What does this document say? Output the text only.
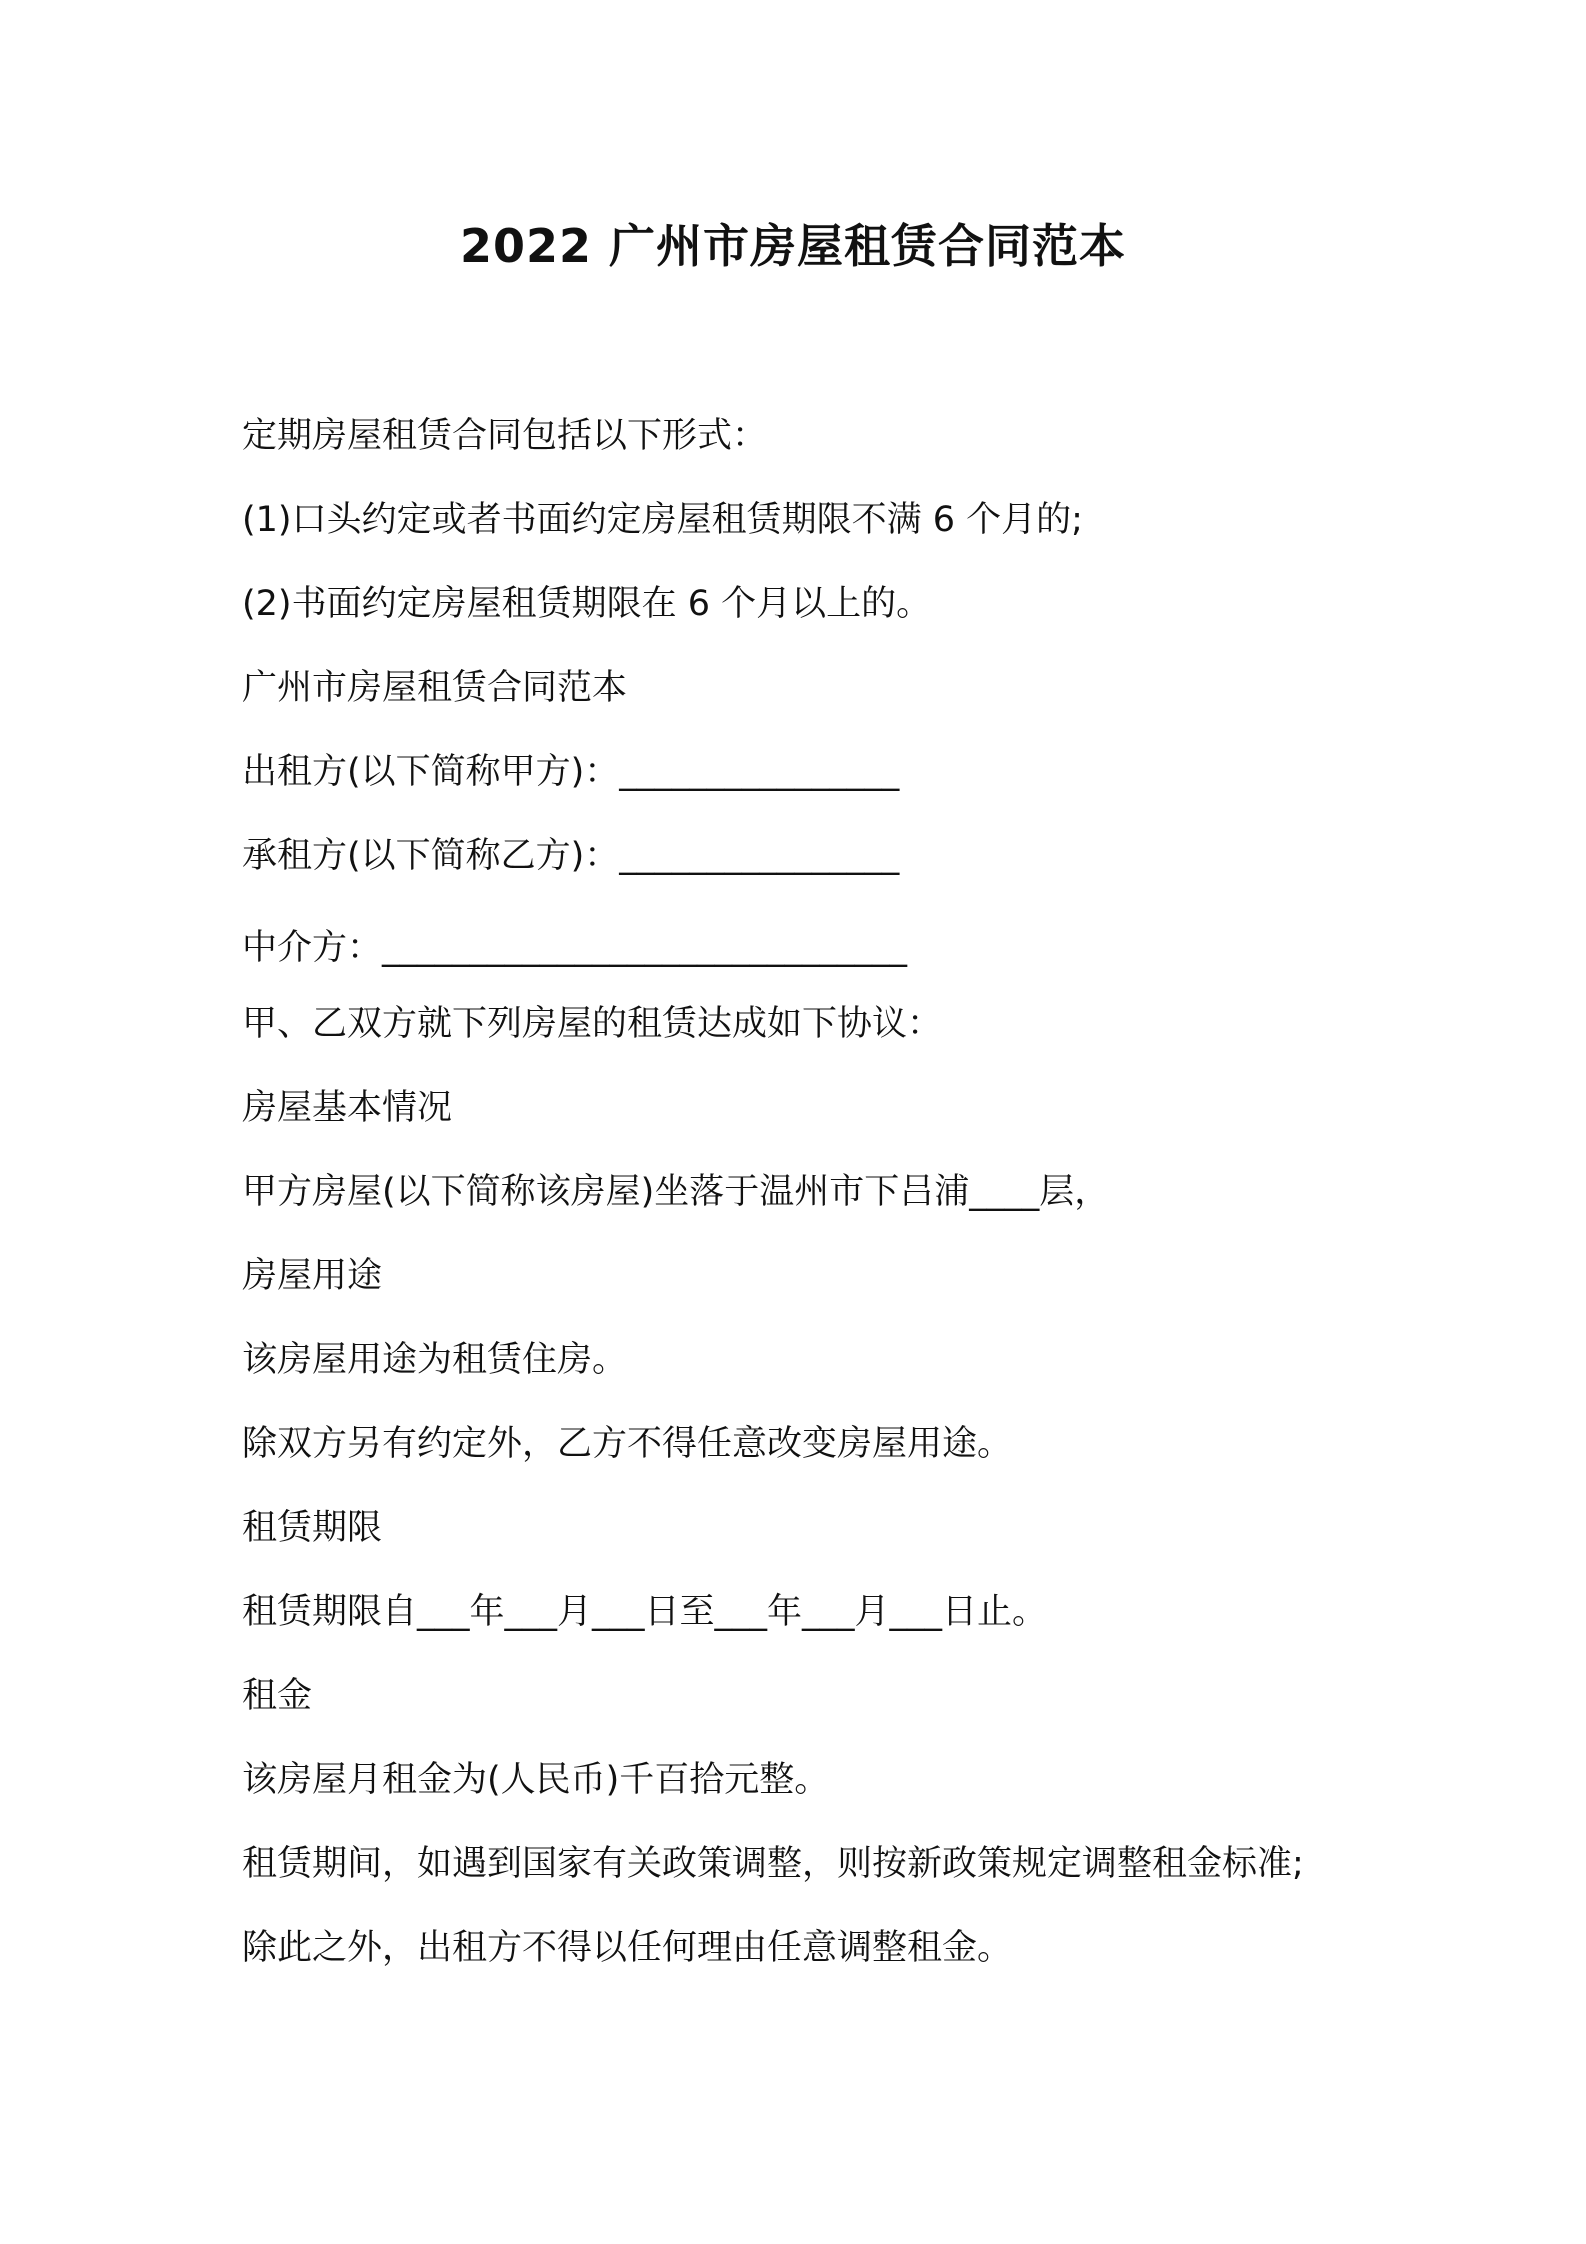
2022 广州市房屋租赁合同范本
定期房屋租赁合同包括以下形式：
(1)口头约定或者书面约定房屋租赁期限不满 6 个月的;
(2)书面约定房屋租赁期限在 6 个月以上的。
广州市房屋租赁合同范本
出租方(以下简称甲方)：________________
承租方(以下简称乙方)：________________
中介方：______________________________
甲、乙双方就下列房屋的租赁达成如下协议：
房屋基本情况
甲方房屋(以下简称该房屋)坐落于温州市下吕浦____层，
房屋用途
该房屋用途为租赁住房。
除双方另有约定外，乙方不得任意改变房屋用途。
租赁期限
租赁期限自___年___月___日至___年___月___日止。
租金
该房屋月租金为(人民币)千百拾元整。
租赁期间，如遇到国家有关政策调整，则按新政策规定调整租金标准;
除此之外，出租方不得以任何理由任意调整租金。
